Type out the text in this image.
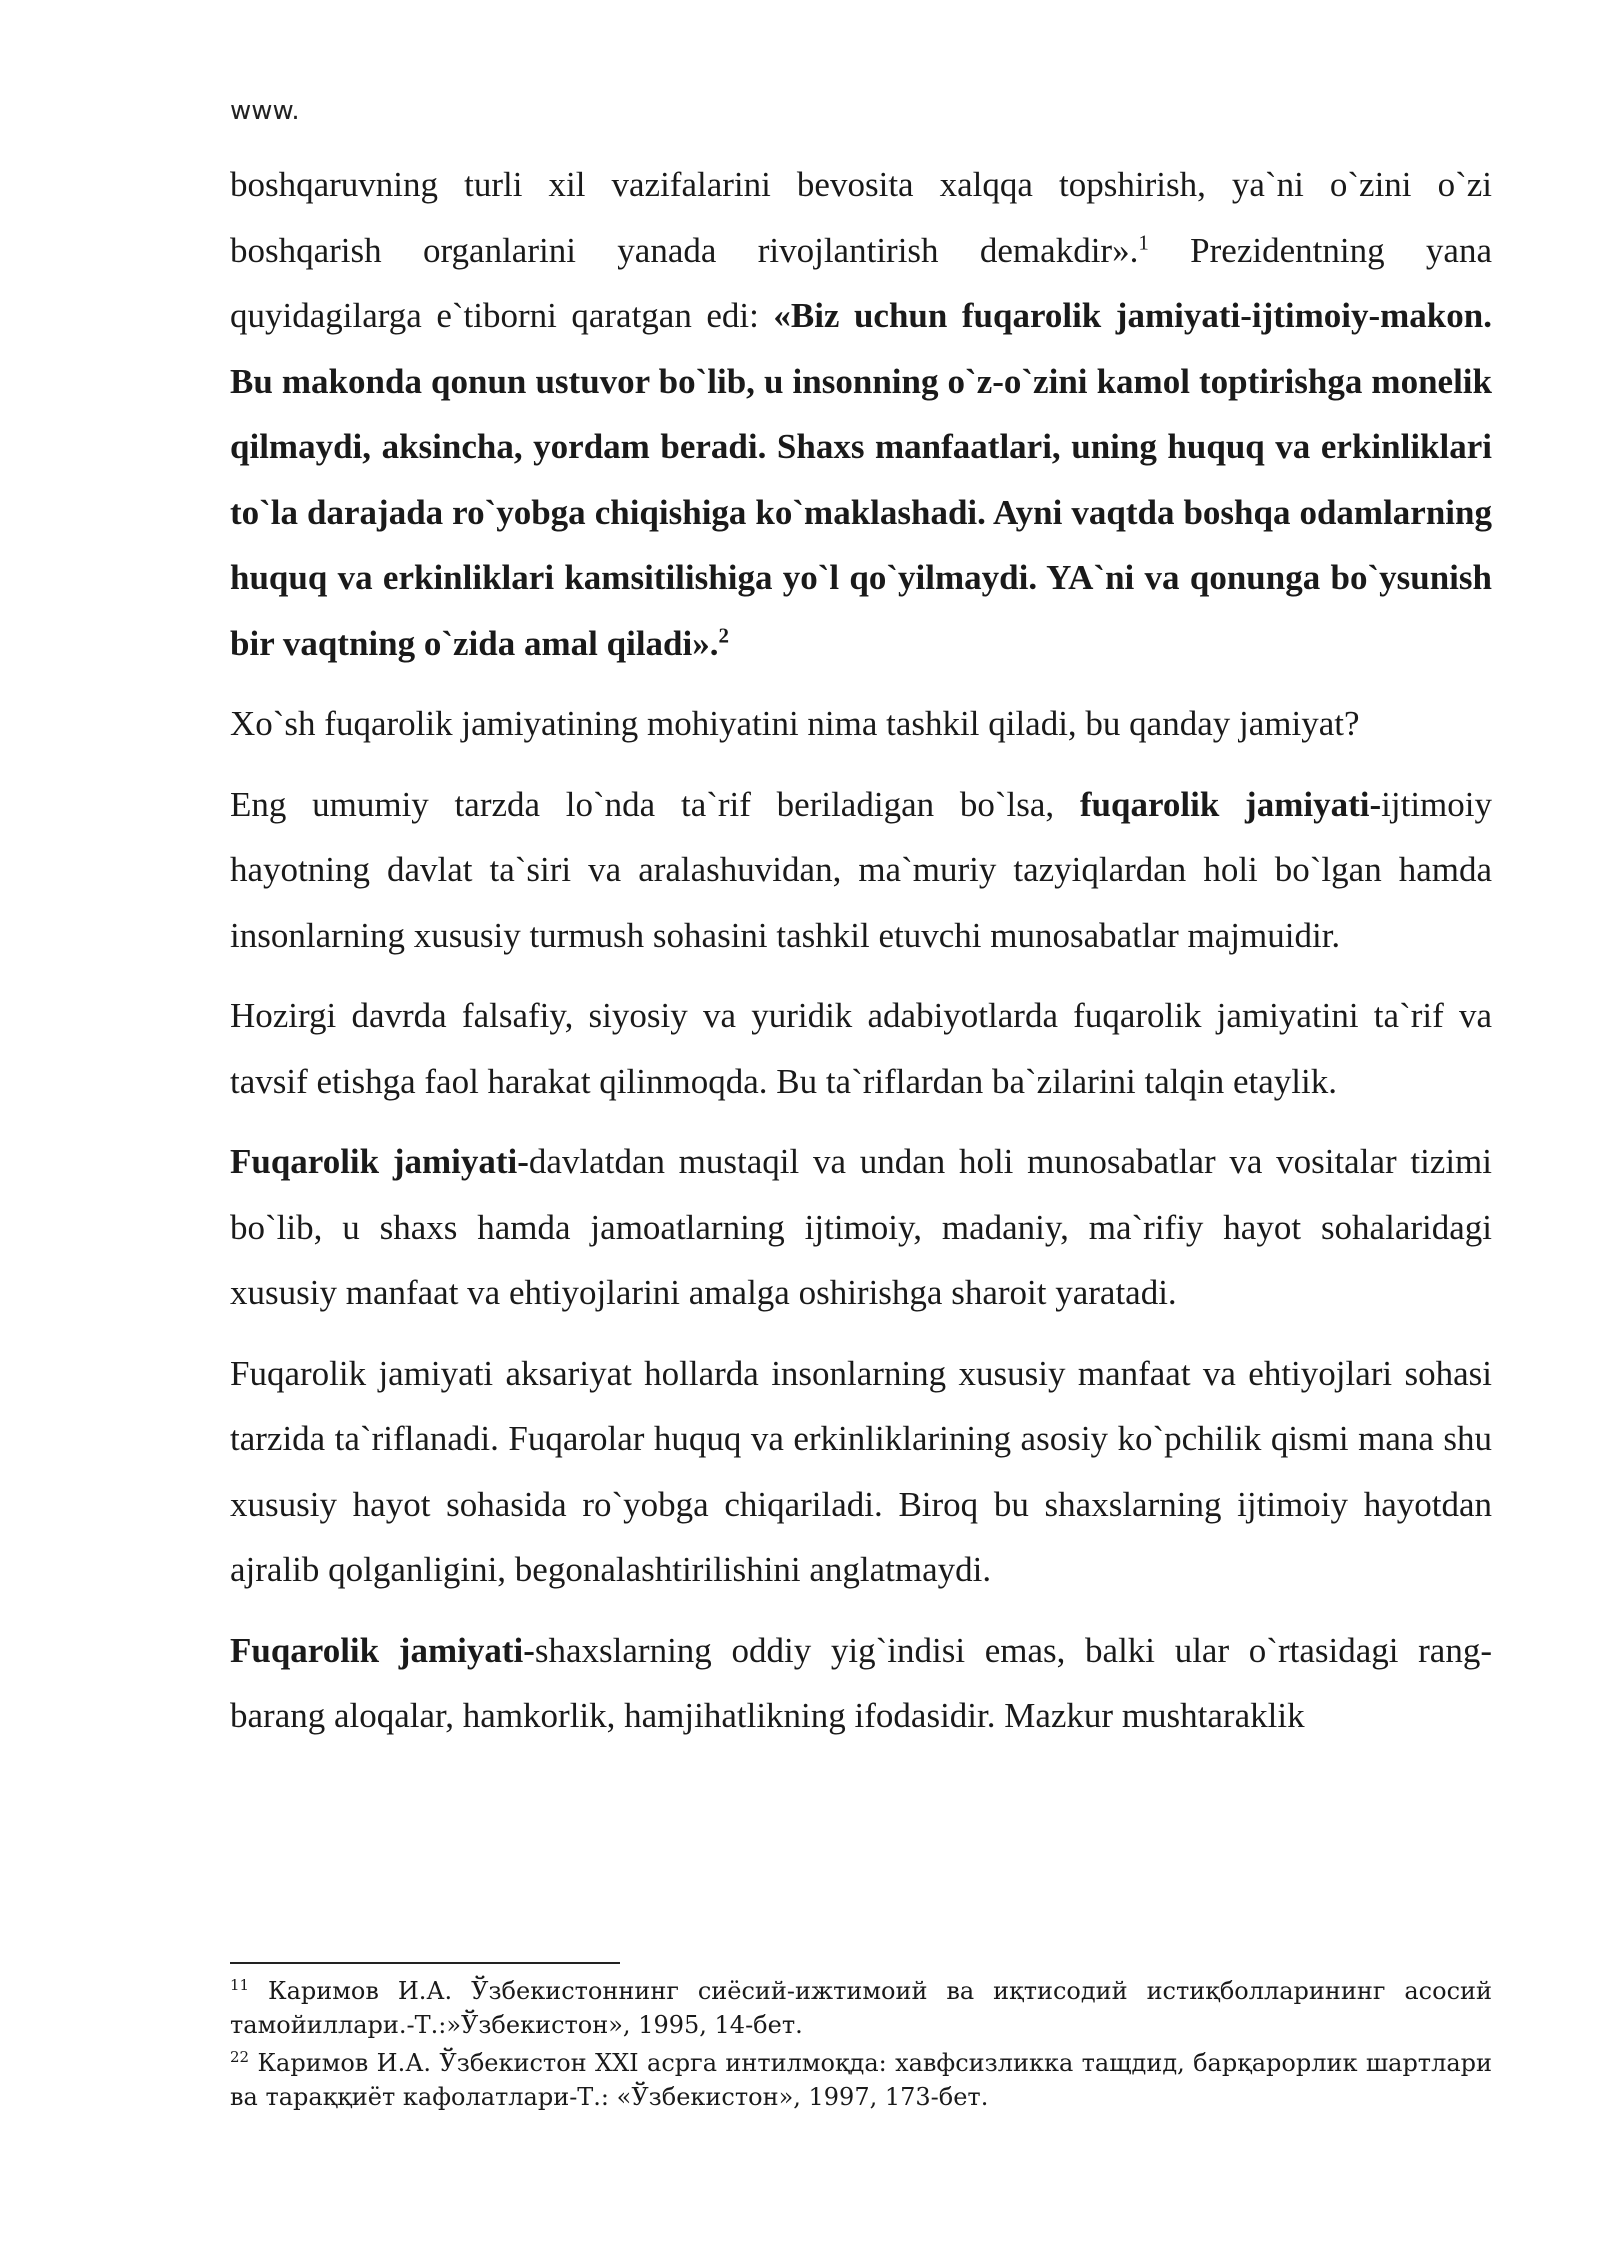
www.

boshqaruvning turli xil vazifalarini bevosita xalqqa topshirish, ya`ni o`zini o`zi boshqarish organlarini yanada rivojlantirish demakdir».$^1$ Prezidentning yana quyidagilarga e`tiborni qaratgan edi: «Biz uchun fuqarolik jamiyati-ijtimoiy-makon. Bu makonda qonun ustuvor bo`lib, u insonning o`z-o`zini kamol toptirishga monelik qilmaydi, aksincha, yordam beradi. Shaxs manfaatlari, uning huquq va erkinliklari to`la darajada ro`yobga chiqishiga ko`maklashadi. Ayni vaqtda boshqa odamlarning huquq va erkinliklari kamsitilishiga yo`l qo`yilmaydi. YA`ni va qonunga bo`ysunish bir vaqtning o`zida amal qiladi».$^2$

Xo`sh fuqarolik jamiyatining mohiyatini nima tashkil qiladi, bu qanday jamiyat?

Eng umumiy tarzda lo`nda ta`rif beriladigan bo`lsa, fuqarolik jamiyati-ijtimoiy hayotning davlat ta`siri va aralashuvidan, ma`muriy tazyiqlardan holi bo`lgan hamda insonlarning xususiy turmush sohasini tashkil etuvchi munosabatlar majmuidir.

Hozirgi davrda falsafiy, siyosiy va yuridik adabiyotlarda fuqarolik jamiyatini ta`rif va tavsif etishga faol harakat qilinmoqda. Bu ta`riflardan ba`zilarini talqin etaylik.

Fuqarolik jamiyati-davlatdan mustaqil va undan holi munosabatlar va vositalar tizimi bo`lib, u shaxs hamda jamoatlarning ijtimoiy, madaniy, ma`rifiy hayot sohalaridagi xususiy manfaat va ehtiyojlarini amalga oshirishga sharoit yaratadi.

Fuqarolik jamiyati aksariyat hollarda insonlarning xususiy manfaat va ehtiyojlari sohasi tarzida ta`riflanadi. Fuqarolar huquq va erkinliklarining asosiy ko`pchilik qismi mana shu xususiy hayot sohasida ro`yobga chiqariladi. Biroq bu shaxslarning ijtimoiy hayotdan ajralib qolganligini, begonalashtirilishini anglatmaydi.

Fuqarolik jamiyati-shaxslarning oddiy yig`indisi emas, balki ular o`rtasidagi rang-barang aloqalar, hamkorlik, hamjihatlikning ifodasidir. Mazkur mushtaraklik

$^{11}$ Каримов И.А. Ўзбекистоннинг сиёсий-ижтимоий ва иқтисодий истиқболларининг асосий тамойиллари.-Т.:»Ўзбекистон», 1995, 14-бет.

$^{22}$ Каримов И.А. Ўзбекистон XXI асрга интилмоқда: хавфсизликка тащдид, барқарорлик шартлари ва тараққиёт кафолатлари-Т.: «Ўзбекистон», 1997, 173-бет.
